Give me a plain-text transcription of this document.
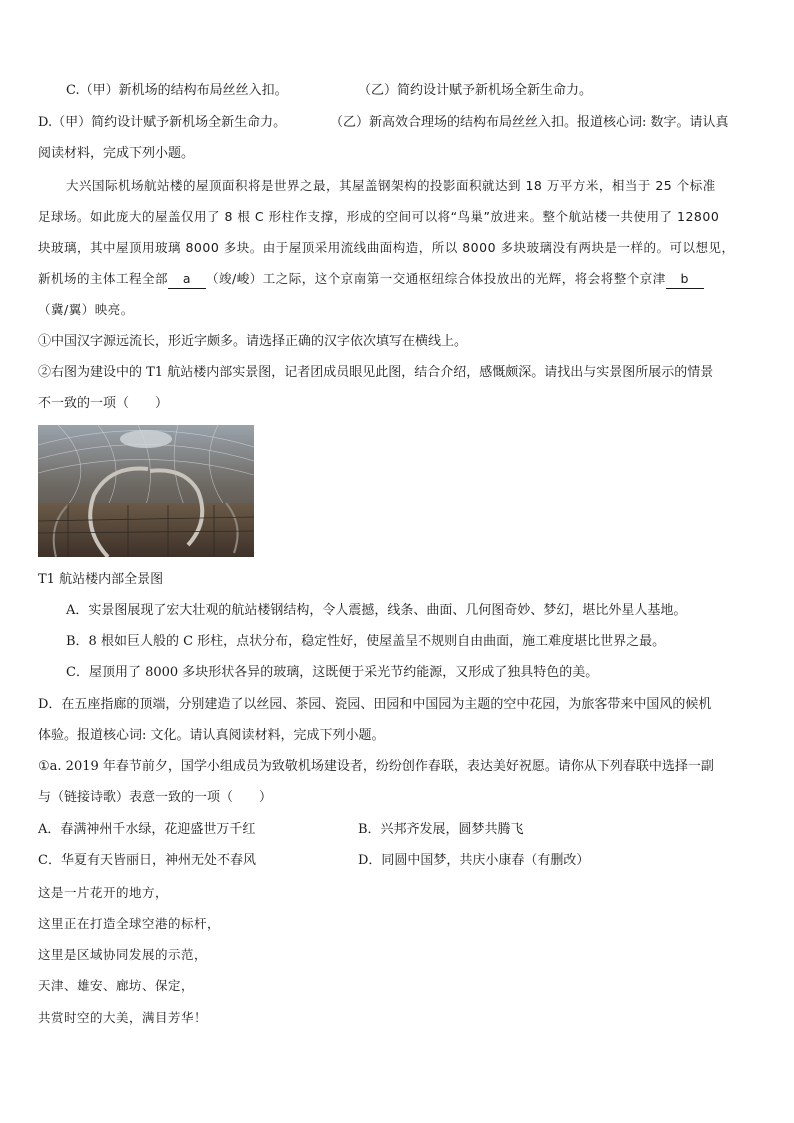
C.（甲）新机场的结构布局丝丝入扣。	（乙）简约设计赋予新机场全新生命力。
D.（甲）简约设计赋予新机场全新生命力。	（乙）新高效合理场的结构布局丝丝入扣。报道核心词: 数字。请认真
阅读材料，完成下列小题。
大兴国际机场航站楼的屋顶面积将是世界之最，其屋盖钢架构的投影面积就达到 18 万平方米，相当于 25 个标准
足球场。如此庞大的屋盖仅用了 8 根 C 形柱作支撑，形成的空间可以将“鸟巢”放进来。整个航站楼一共使用了 12800
块玻璃，其中屋顶用玻璃 8000 多块。由于屋顶采用流线曲面构造，所以 8000 多块玻璃没有两块是一样的。可以想见，
新机场的主体工程全部 a （竣/峻）工之际，这个京南第一交通枢纽综合体投放出的光辉，将会将整个京津 b
（冀/翼）映亮。
①中国汉字源远流长，形近字颇多。请选择正确的汉字依次填写在横线上。
②右图为建设中的 T1 航站楼内部实景图，记者团成员眼见此图，结合介绍，感慨颇深。请找出与实景图所展示的情景
不一致的一项（　　）
T1 航站楼内部全景图
A．实景图展现了宏大壮观的航站楼钢结构，令人震撼，线条、曲面、几何图奇妙、梦幻，堪比外星人基地。
B．8 根如巨人般的 C 形柱，点状分布，稳定性好，使屋盖呈不规则自由曲面，施工难度堪比世界之最。
C．屋顶用了 8000 多块形状各异的玻璃，这既便于采光节约能源，又形成了独具特色的美。
D．在五座指廊的顶端，分别建造了以丝园、茶园、瓷园、田园和中国园为主题的空中花园，为旅客带来中国风的候机
体验。报道核心词: 文化。请认真阅读材料，完成下列小题。
①a. 2019 年春节前夕，国学小组成员为致敬机场建设者，纷纷创作春联，表达美好祝愿。请你从下列春联中选择一副
与（链接诗歌）表意一致的一项（　　）
A．春满神州千水绿，花迎盛世万千红	B．兴邦齐发展，圆梦共腾飞
C．华夏有天皆丽日，神州无处不春风	D．同圆中国梦，共庆小康春（有删改）
这是一片花开的地方，
这里正在打造全球空港的标杆，
这里是区域协同发展的示范，
天津、雄安、廊坊、保定，
共赏时空的大美，满目芳华！
